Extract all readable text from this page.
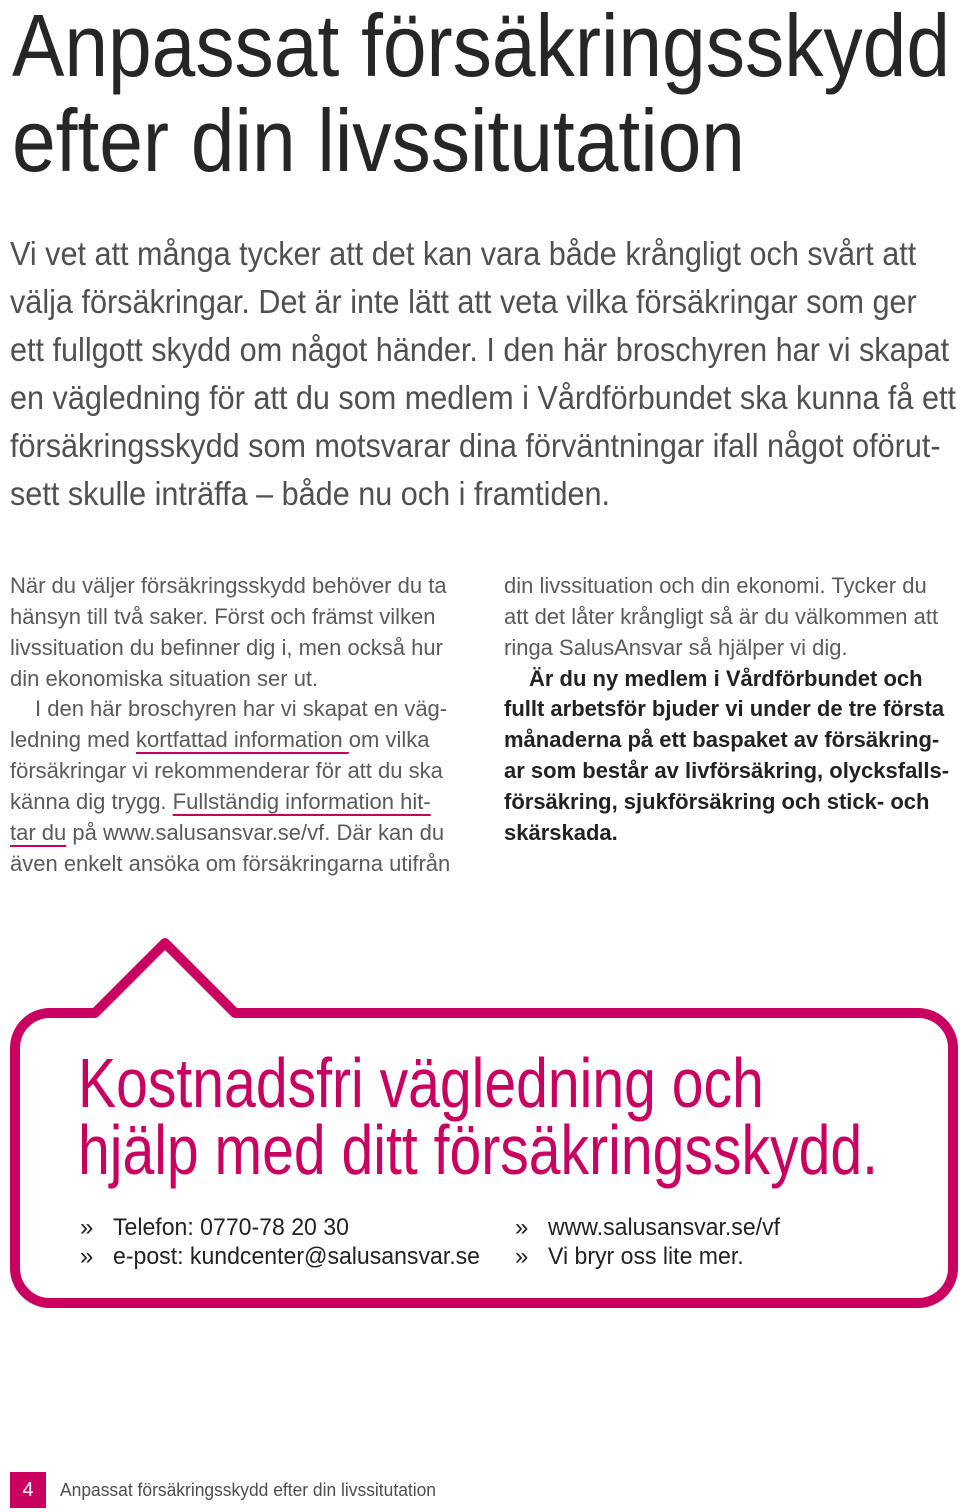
Anpassat försäkringsskydd
efter din livssitutation
Vi vet att många tycker att det kan vara både krångligt och svårt att
välja försäkringar. Det är inte lätt att veta vilka försäkringar som ger
ett fullgott skydd om något händer. I den här broschyren har vi skapat
en vägledning för att du som medlem i Vårdförbundet ska kunna få ett
försäkringsskydd som motsvarar dina förväntningar ifall något oförut-
sett skulle inträffa – både nu och i framtiden.
När du väljer försäkringsskydd behöver du ta
hänsyn till två saker. Först och främst vilken
livssituation du befinner dig i, men också hur
din ekonomiska situation ser ut.
I den här broschyren har vi skapat en väg-
ledning med kortfattad information om vilka
försäkringar vi rekommenderar för att du ska
känna dig trygg. Fullständig information hit-
tar du på www.salusansvar.se/vf. Där kan du
även enkelt ansöka om försäkringarna utifrån
din livssituation och din ekonomi. Tycker du
att det låter krångligt så är du välkommen att
ringa SalusAnsvar så hjälper vi dig.
Är du ny medlem i Vårdförbundet och
fullt arbetsför bjuder vi under de tre första
månaderna på ett baspaket av försäkring-
ar som består av livförsäkring, olycksfalls-
försäkring, sjukförsäkring och stick- och
skärskada.
Kostnadsfri vägledning och
hjälp med ditt försäkringsskydd.
» Telefon: 0770-78 20 30
» e-post: kundcenter@salusansvar.se
» www.salusansvar.se/vf
» Vi bryr oss lite mer.
4	Anpassat försäkringsskydd efter din livssitutation
